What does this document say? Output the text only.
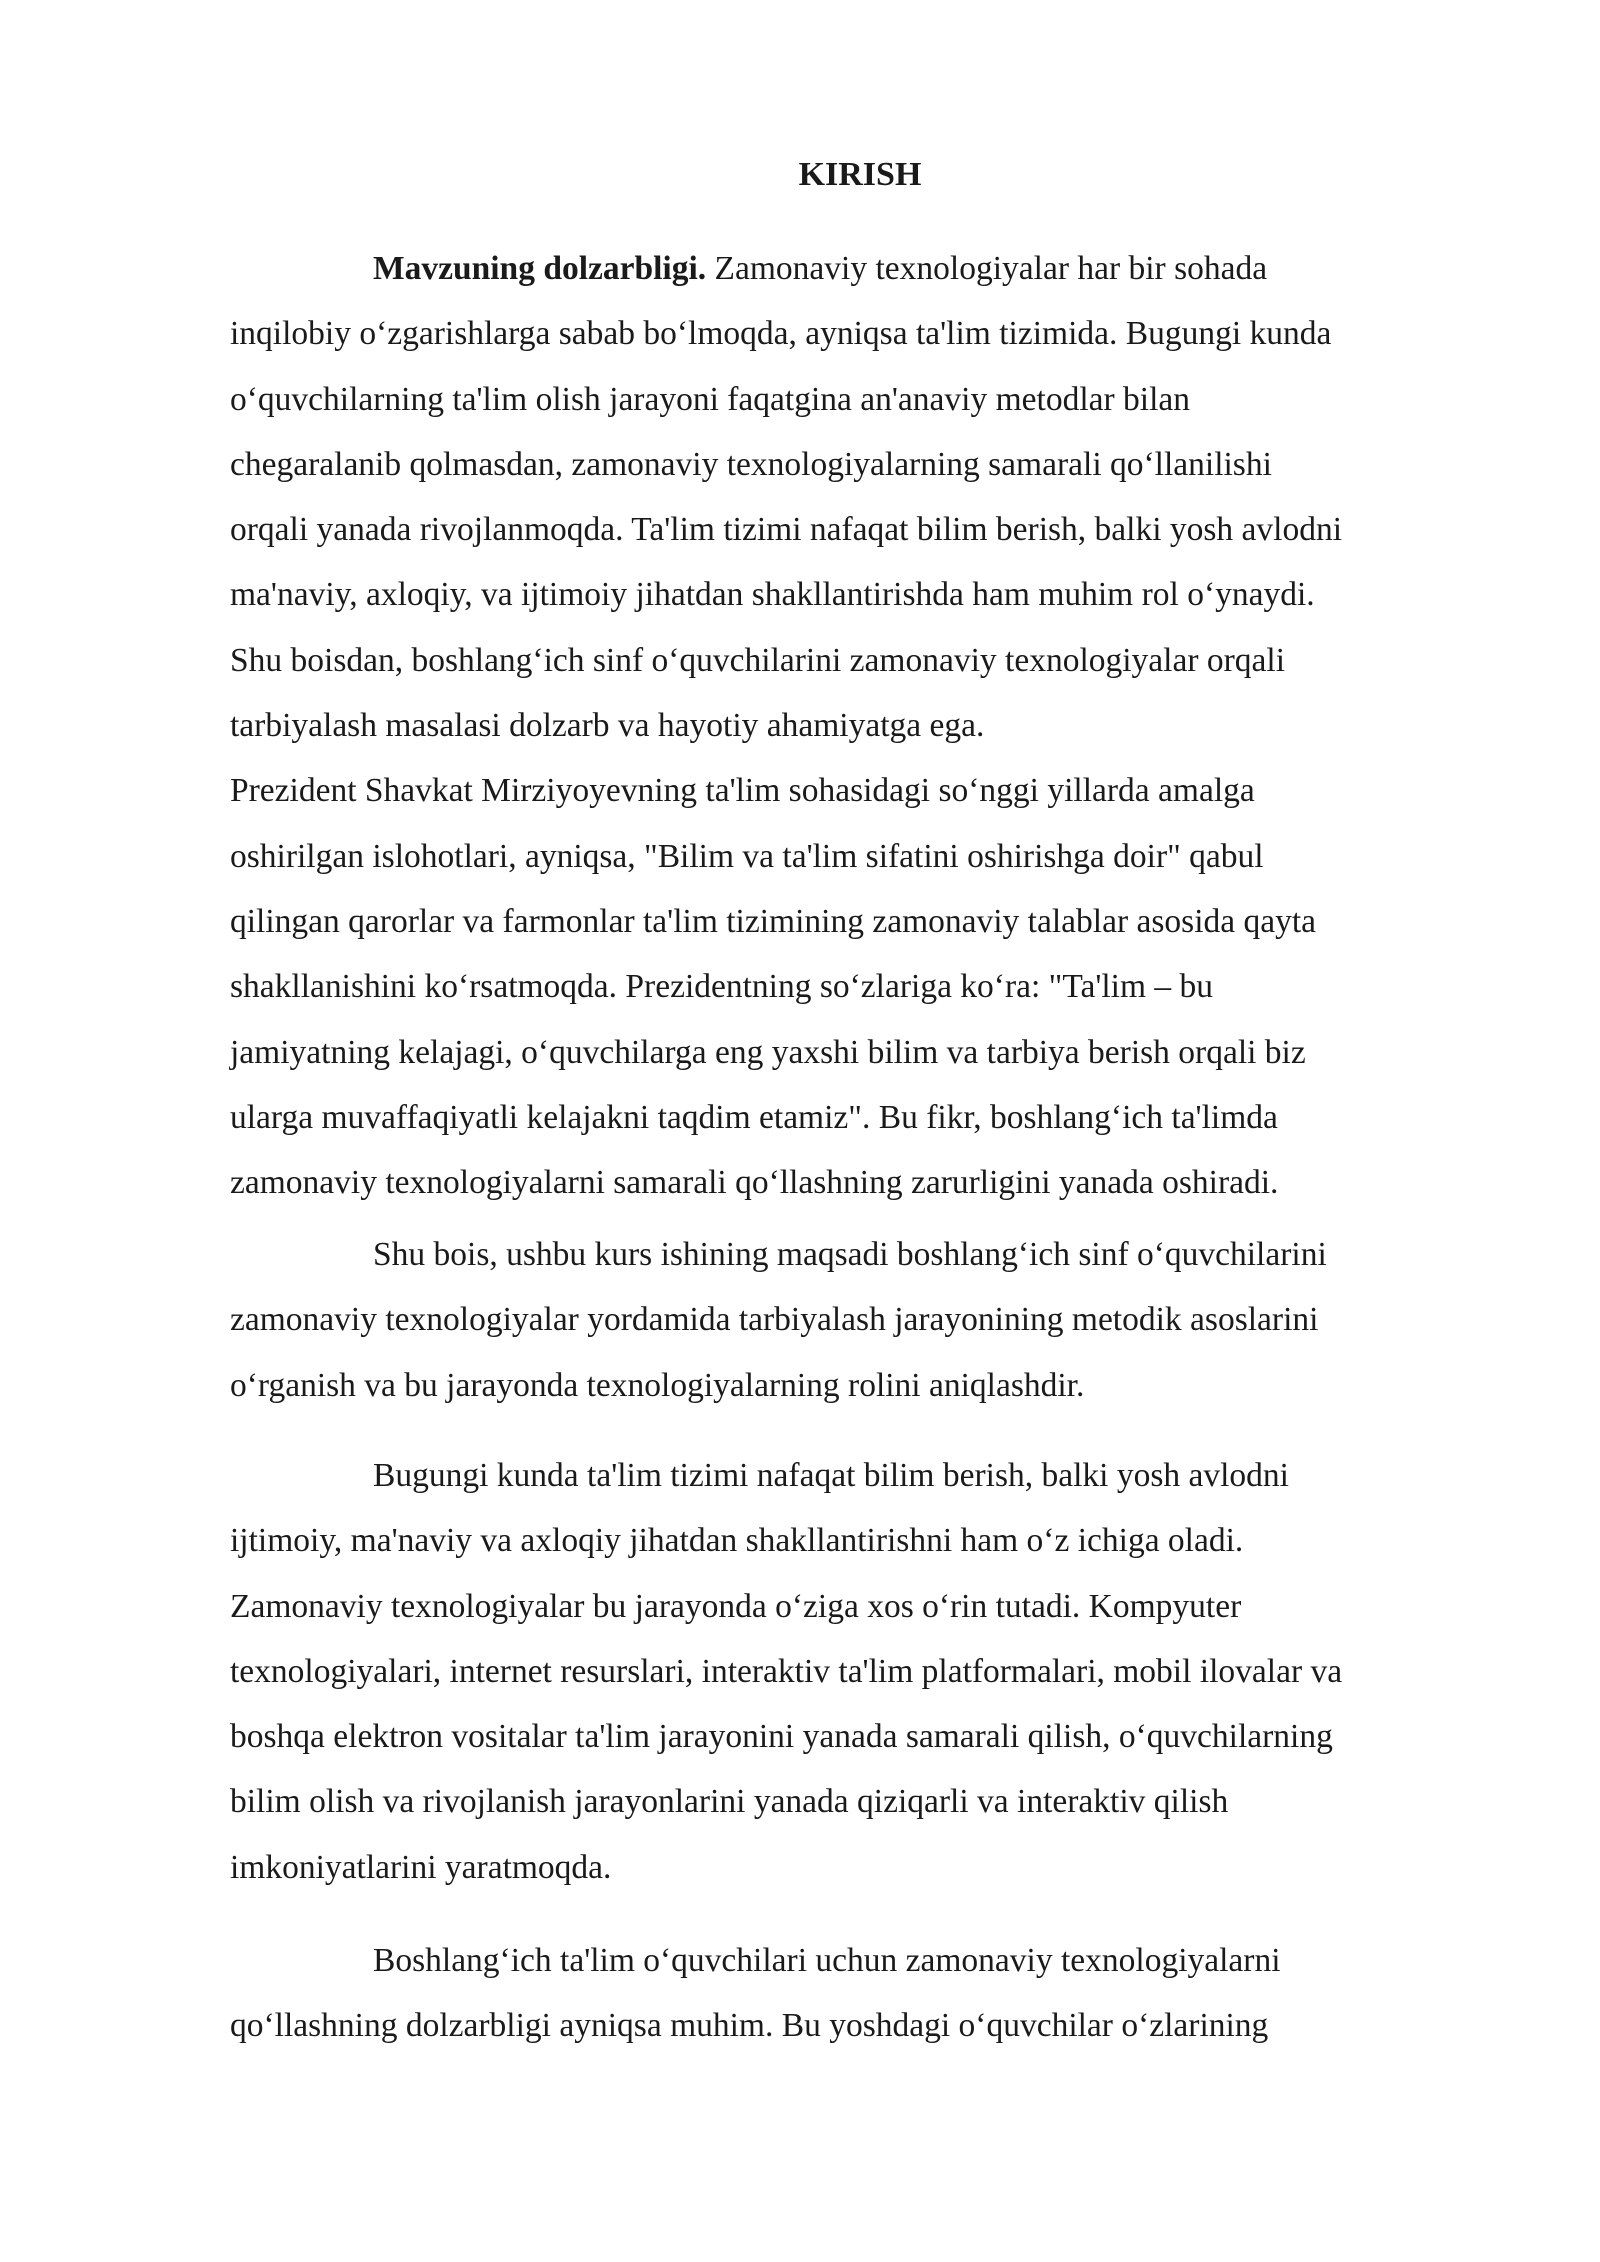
KIRISH
Mavzuning dolzarbligi. Zamonaviy texnologiyalar har bir sohada
inqilobiy o‘zgarishlarga sabab bo‘lmoqda, ayniqsa ta'lim tizimida. Bugungi kunda
o‘quvchilarning ta'lim olish jarayoni faqatgina an'anaviy metodlar bilan
chegaralanib qolmasdan, zamonaviy texnologiyalarning samarali qo‘llanilishi
orqali yanada rivojlanmoqda. Ta'lim tizimi nafaqat bilim berish, balki yosh avlodni
ma'naviy, axloqiy, va ijtimoiy jihatdan shakllantirishda ham muhim rol o‘ynaydi.
Shu boisdan, boshlang‘ich sinf o‘quvchilarini zamonaviy texnologiyalar orqali
tarbiyalash masalasi dolzarb va hayotiy ahamiyatga ega.
Prezident Shavkat Mirziyoyevning ta'lim sohasidagi so‘nggi yillarda amalga
oshirilgan islohotlari, ayniqsa, "Bilim va ta'lim sifatini oshirishga doir" qabul
qilingan qarorlar va farmonlar ta'lim tizimining zamonaviy talablar asosida qayta
shakllanishini ko‘rsatmoqda. Prezidentning so‘zlariga ko‘ra: "Ta'lim – bu
jamiyatning kelajagi, o‘quvchilarga eng yaxshi bilim va tarbiya berish orqali biz
ularga muvaffaqiyatli kelajakni taqdim etamiz". Bu fikr, boshlang‘ich ta'limda
zamonaviy texnologiyalarni samarali qo‘llashning zarurligini yanada oshiradi.
Shu bois, ushbu kurs ishining maqsadi boshlang‘ich sinf o‘quvchilarini
zamonaviy texnologiyalar yordamida tarbiyalash jarayonining metodik asoslarini
o‘rganish va bu jarayonda texnologiyalarning rolini aniqlashdir.
Bugungi kunda ta'lim tizimi nafaqat bilim berish, balki yosh avlodni
ijtimoiy, ma'naviy va axloqiy jihatdan shakllantirishni ham o‘z ichiga oladi.
Zamonaviy texnologiyalar bu jarayonda o‘ziga xos o‘rin tutadi. Kompyuter
texnologiyalari, internet resurslari, interaktiv ta'lim platformalari, mobil ilovalar va
boshqa elektron vositalar ta'lim jarayonini yanada samarali qilish, o‘quvchilarning
bilim olish va rivojlanish jarayonlarini yanada qiziqarli va interaktiv qilish
imkoniyatlarini yaratmoqda.
Boshlang‘ich ta'lim o‘quvchilari uchun zamonaviy texnologiyalarni
qo‘llashning dolzarbligi ayniqsa muhim. Bu yoshdagi o‘quvchilar o‘zlarining
